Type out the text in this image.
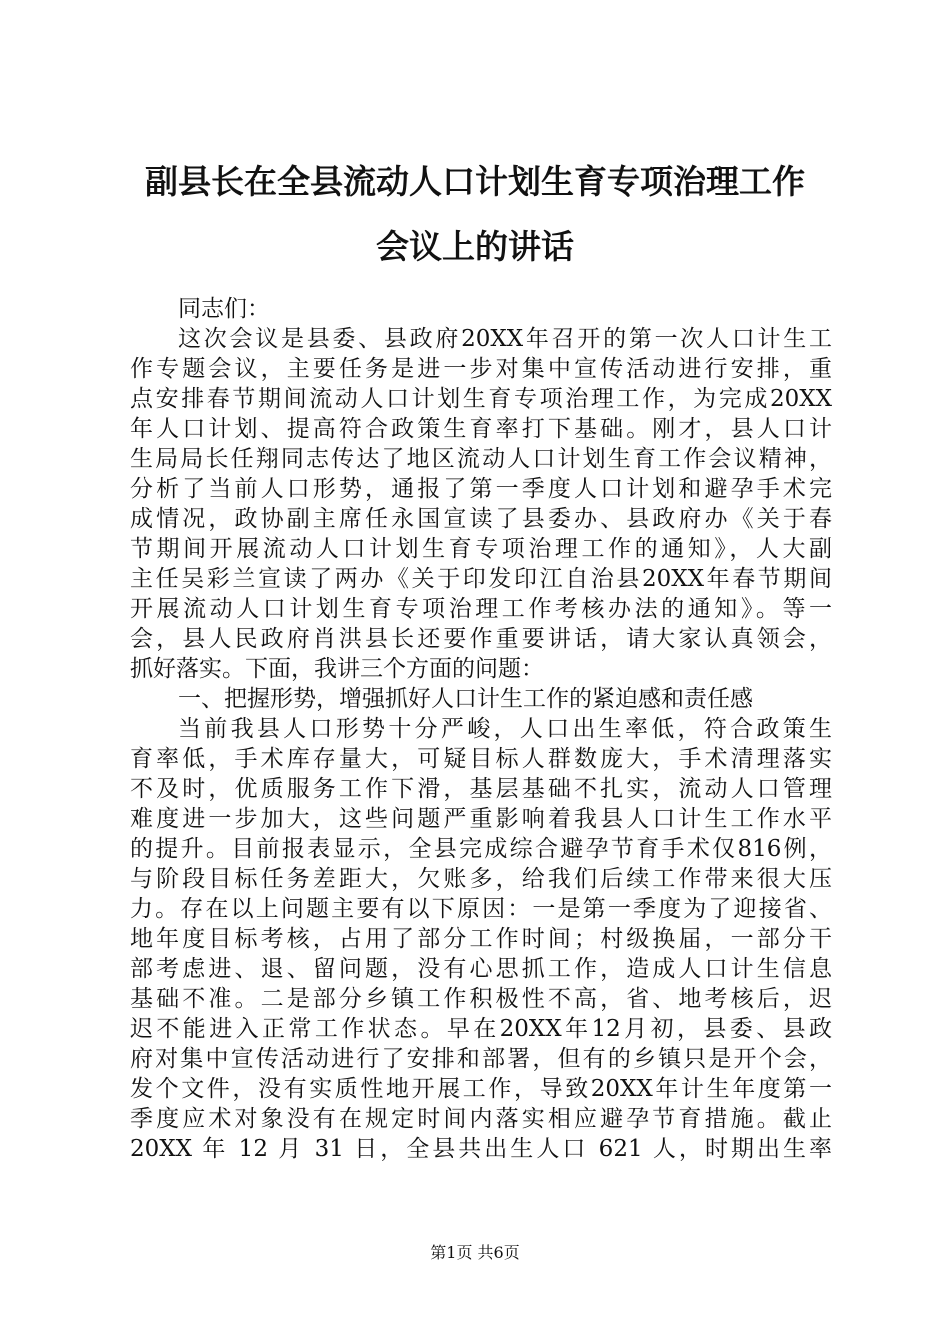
副县长在全县流动人口计划生育专项治理工作
会议上的讲话
同志们：
这次会议是县委、县政府20XX年召开的第一次人口计生工
作专题会议，主要任务是进一步对集中宣传活动进行安排，重
点安排春节期间流动人口计划生育专项治理工作，为完成20XX
年人口计划、提高符合政策生育率打下基础。刚才，县人口计
生局局长任翔同志传达了地区流动人口计划生育工作会议精神，
分析了当前人口形势，通报了第一季度人口计划和避孕手术完
成情况，政协副主席任永国宣读了县委办、县政府办《关于春
节期间开展流动人口计划生育专项治理工作的通知》，人大副
主任吴彩兰宣读了两办《关于印发印江自治县20XX年春节期间
开展流动人口计划生育专项治理工作考核办法的通知》。等一
会，县人民政府肖洪县长还要作重要讲话，请大家认真领会，
抓好落实。下面，我讲三个方面的问题：
一、把握形势，增强抓好人口计生工作的紧迫感和责任感
当前我县人口形势十分严峻，人口出生率低，符合政策生
育率低，手术库存量大，可疑目标人群数庞大，手术清理落实
不及时，优质服务工作下滑，基层基础不扎实，流动人口管理
难度进一步加大，这些问题严重影响着我县人口计生工作水平
的提升。目前报表显示，全县完成综合避孕节育手术仅816例，
与阶段目标任务差距大，欠账多，给我们后续工作带来很大压
力。存在以上问题主要有以下原因：一是第一季度为了迎接省、
地年度目标考核，占用了部分工作时间；村级换届，一部分干
部考虑进、退、留问题，没有心思抓工作，造成人口计生信息
基础不准。二是部分乡镇工作积极性不高，省、地考核后，迟
迟不能进入正常工作状态。早在20XX年12月初，县委、县政
府对集中宣传活动进行了安排和部署，但有的乡镇只是开个会，
发个文件，没有实质性地开展工作，导致20XX年计生年度第一
季度应术对象没有在规定时间内落实相应避孕节育措施。截止
20XX 年 12 月 31 日，全县共出生人口 621 人，时期出生率
第1页 共6页
